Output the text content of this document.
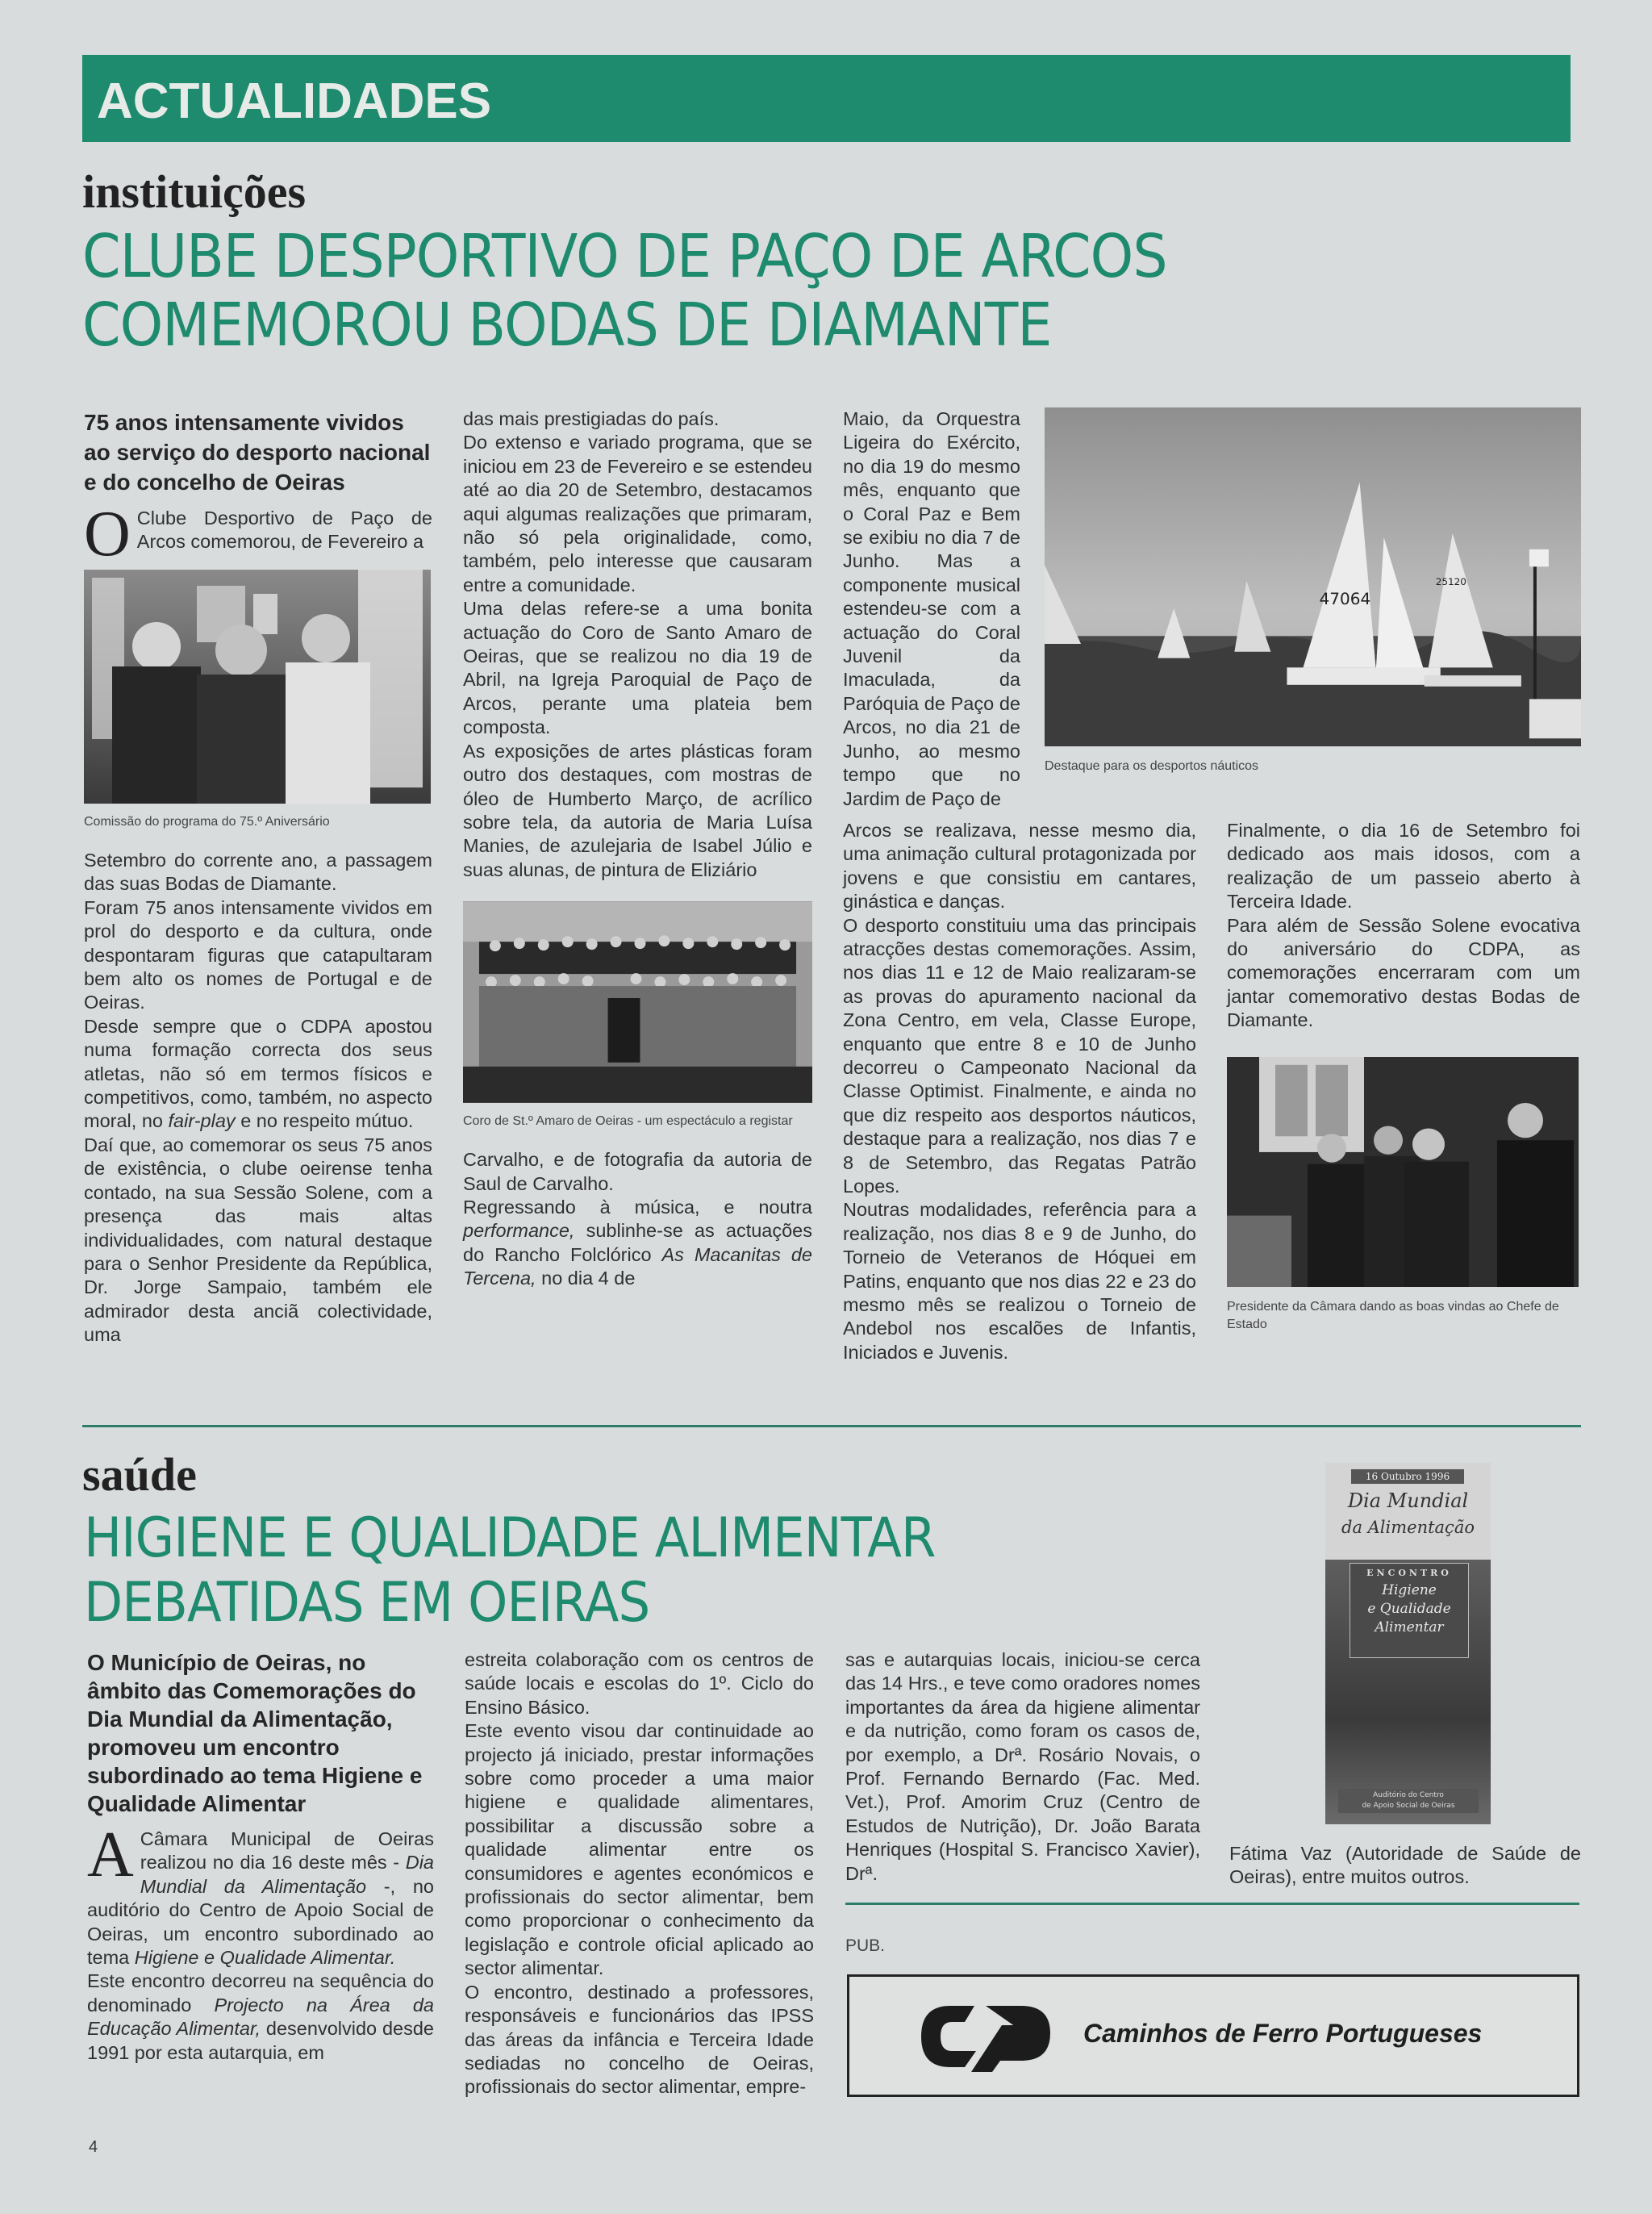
ACTUALIDADES
instituições
CLUBE DESPORTIVO DE PAÇO DE ARCOS
COMEMOROU BODAS DE DIAMANTE
75 anos intensamente vividos ao serviço do desporto nacional e do concelho de Oeiras
O Clube Desportivo de Paço de Arcos comemorou, de Fevereiro a
Comissão do programa do 75.º Aniversário

Setembro do corrente ano, a passagem das suas Bodas de Diamante.

Foram 75 anos intensamente vividos em prol do desporto e da cultura, onde despontaram figuras que catapultaram bem alto os nomes de Portugal e de Oeiras.

Desde sempre que o CDPA apostou numa formação correcta dos seus atletas, não só em termos físicos e competitivos, como, também, no aspecto moral, no fair-play e no respeito mútuo.

Daí que, ao comemorar os seus 75 anos de existência, o clube oeirense tenha contado, na sua Sessão Solene, com a presença das mais altas individualidades, com natural destaque para o Senhor Presidente da República, Dr. Jorge Sampaio, também ele admirador desta anciã colectividade, uma

das mais prestigiadas do país.

Do extenso e variado programa, que se iniciou em 23 de Fevereiro e se estendeu até ao dia 20 de Setembro, destacamos aqui algumas realizações que primaram, não só pela originalidade, como, também, pelo interesse que causaram entre a comunidade.

Uma delas refere-se a uma bonita actuação do Coro de Santo Amaro de Oeiras, que se realizou no dia 19 de Abril, na Igreja Paroquial de Paço de Arcos, perante uma plateia bem composta.

As exposições de artes plásticas foram outro dos destaques, com mostras de óleo de Humberto Março, de acrílico sobre tela, da autoria de Maria Luísa Manies, de azulejaria de Isabel Júlio e suas alunas, de pintura de Eliziário

Coro de St.º Amaro de Oeiras - um espectáculo a registar

Carvalho, e de fotografia da autoria de Saul de Carvalho.

Regressando à música, e noutra performance, sublinhe-se as actuações do Rancho Folclórico As Macanitas de Tercena, no dia 4 de

Maio, da Orquestra Ligeira do Exército, no dia 19 do mesmo mês, enquanto que o Coral Paz e Bem se exibiu no dia 7 de Junho. Mas a componente musical estendeu-se com a actuação do Coral Juvenil da Imaculada, da Paróquia de Paço de Arcos, no dia 21 de Junho, ao mesmo tempo que no Jardim de Paço de
47064
25120
Destaque para os desportos náuticos

Arcos se realizava, nesse mesmo dia, uma animação cultural protagonizada por jovens e que consistiu em cantares, ginástica e danças.

O desporto constituiu uma das principais atracções destas comemorações. Assim, nos dias 11 e 12 de Maio realizaram-se as provas do apuramento nacional da Zona Centro, em vela, Classe Europe, enquanto que entre 8 e 10 de Junho decorreu o Campeonato Nacional da Classe Optimist. Finalmente, e ainda no que diz respeito aos desportos náuticos, destaque para a realização, nos dias 7 e 8 de Setembro, das Regatas Patrão Lopes.

Noutras modalidades, referência para a realização, nos dias 8 e 9 de Junho, do Torneio de Veteranos de Hóquei em Patins, enquanto que nos dias 22 e 23 do mesmo mês se realizou o Torneio de Andebol nos escalões de Infantis, Iniciados e Juvenis.

Finalmente, o dia 16 de Setembro foi dedicado aos mais idosos, com a realização de um passeio aberto à Terceira Idade.

Para além de Sessão Solene evocativa do aniversário do CDPA, as comemorações encerraram com um jantar comemorativo destas Bodas de Diamante.

Presidente da Câmara dando as boas vindas ao Chefe de Estado
saúde
HIGIENE E QUALIDADE ALIMENTAR
DEBATIDAS EM OEIRAS
O Município de Oeiras, no âmbito das Comemorações do Dia Mundial da Alimentação, promoveu um encontro subordinado ao tema Higiene e Qualidade Alimentar
A Câmara Municipal de Oeiras realizou no dia 16 deste mês - Dia Mundial da Alimentação -, no auditório do Centro de Apoio Social de Oeiras, um encontro subordinado ao tema Higiene e Qualidade Alimentar.
Este encontro decorreu na sequência do denominado Projecto na Área da Educação Alimentar, desenvolvido desde 1991 por esta autarquia, em

estreita colaboração com os centros de saúde locais e escolas do 1º. Ciclo do Ensino Básico.

Este evento visou dar continuidade ao projecto já iniciado, prestar informações sobre como proceder a uma maior higiene e qualidade alimentares, possibilitar a discussão sobre a qualidade alimentar entre os consumidores e agentes económicos e profissionais do sector alimentar, bem como proporcionar o conhecimento da legislação e controle oficial aplicado ao sector alimentar.

O encontro, destinado a professores, responsáveis e funcionários das IPSS das áreas da infância e Terceira Idade sediadas no concelho de Oeiras, profissionais do sector alimentar, empre-

sas e autarquias locais, iniciou-se cerca das 14 Hrs., e teve como oradores nomes importantes da área da higiene alimentar e da nutrição, como foram os casos de, por exemplo, a Drª. Rosário Novais, o Prof. Fernando Bernardo (Fac. Med. Vet.), Prof. Amorim Cruz (Centro de Estudos de Nutrição), Dr. João Barata Henriques (Hospital S. Francisco Xavier), Drª.
16 Outubro 1996
Dia Mundial
da Alimentação
ENCONTRO
Higiene
e Qualidade
Alimentar
Auditório do Centro
de Apoio Social de Oeiras
Fátima Vaz (Autoridade de Saúde de Oeiras), entre muitos outros.
PUB.
Caminhos de Ferro Portugueses
4
